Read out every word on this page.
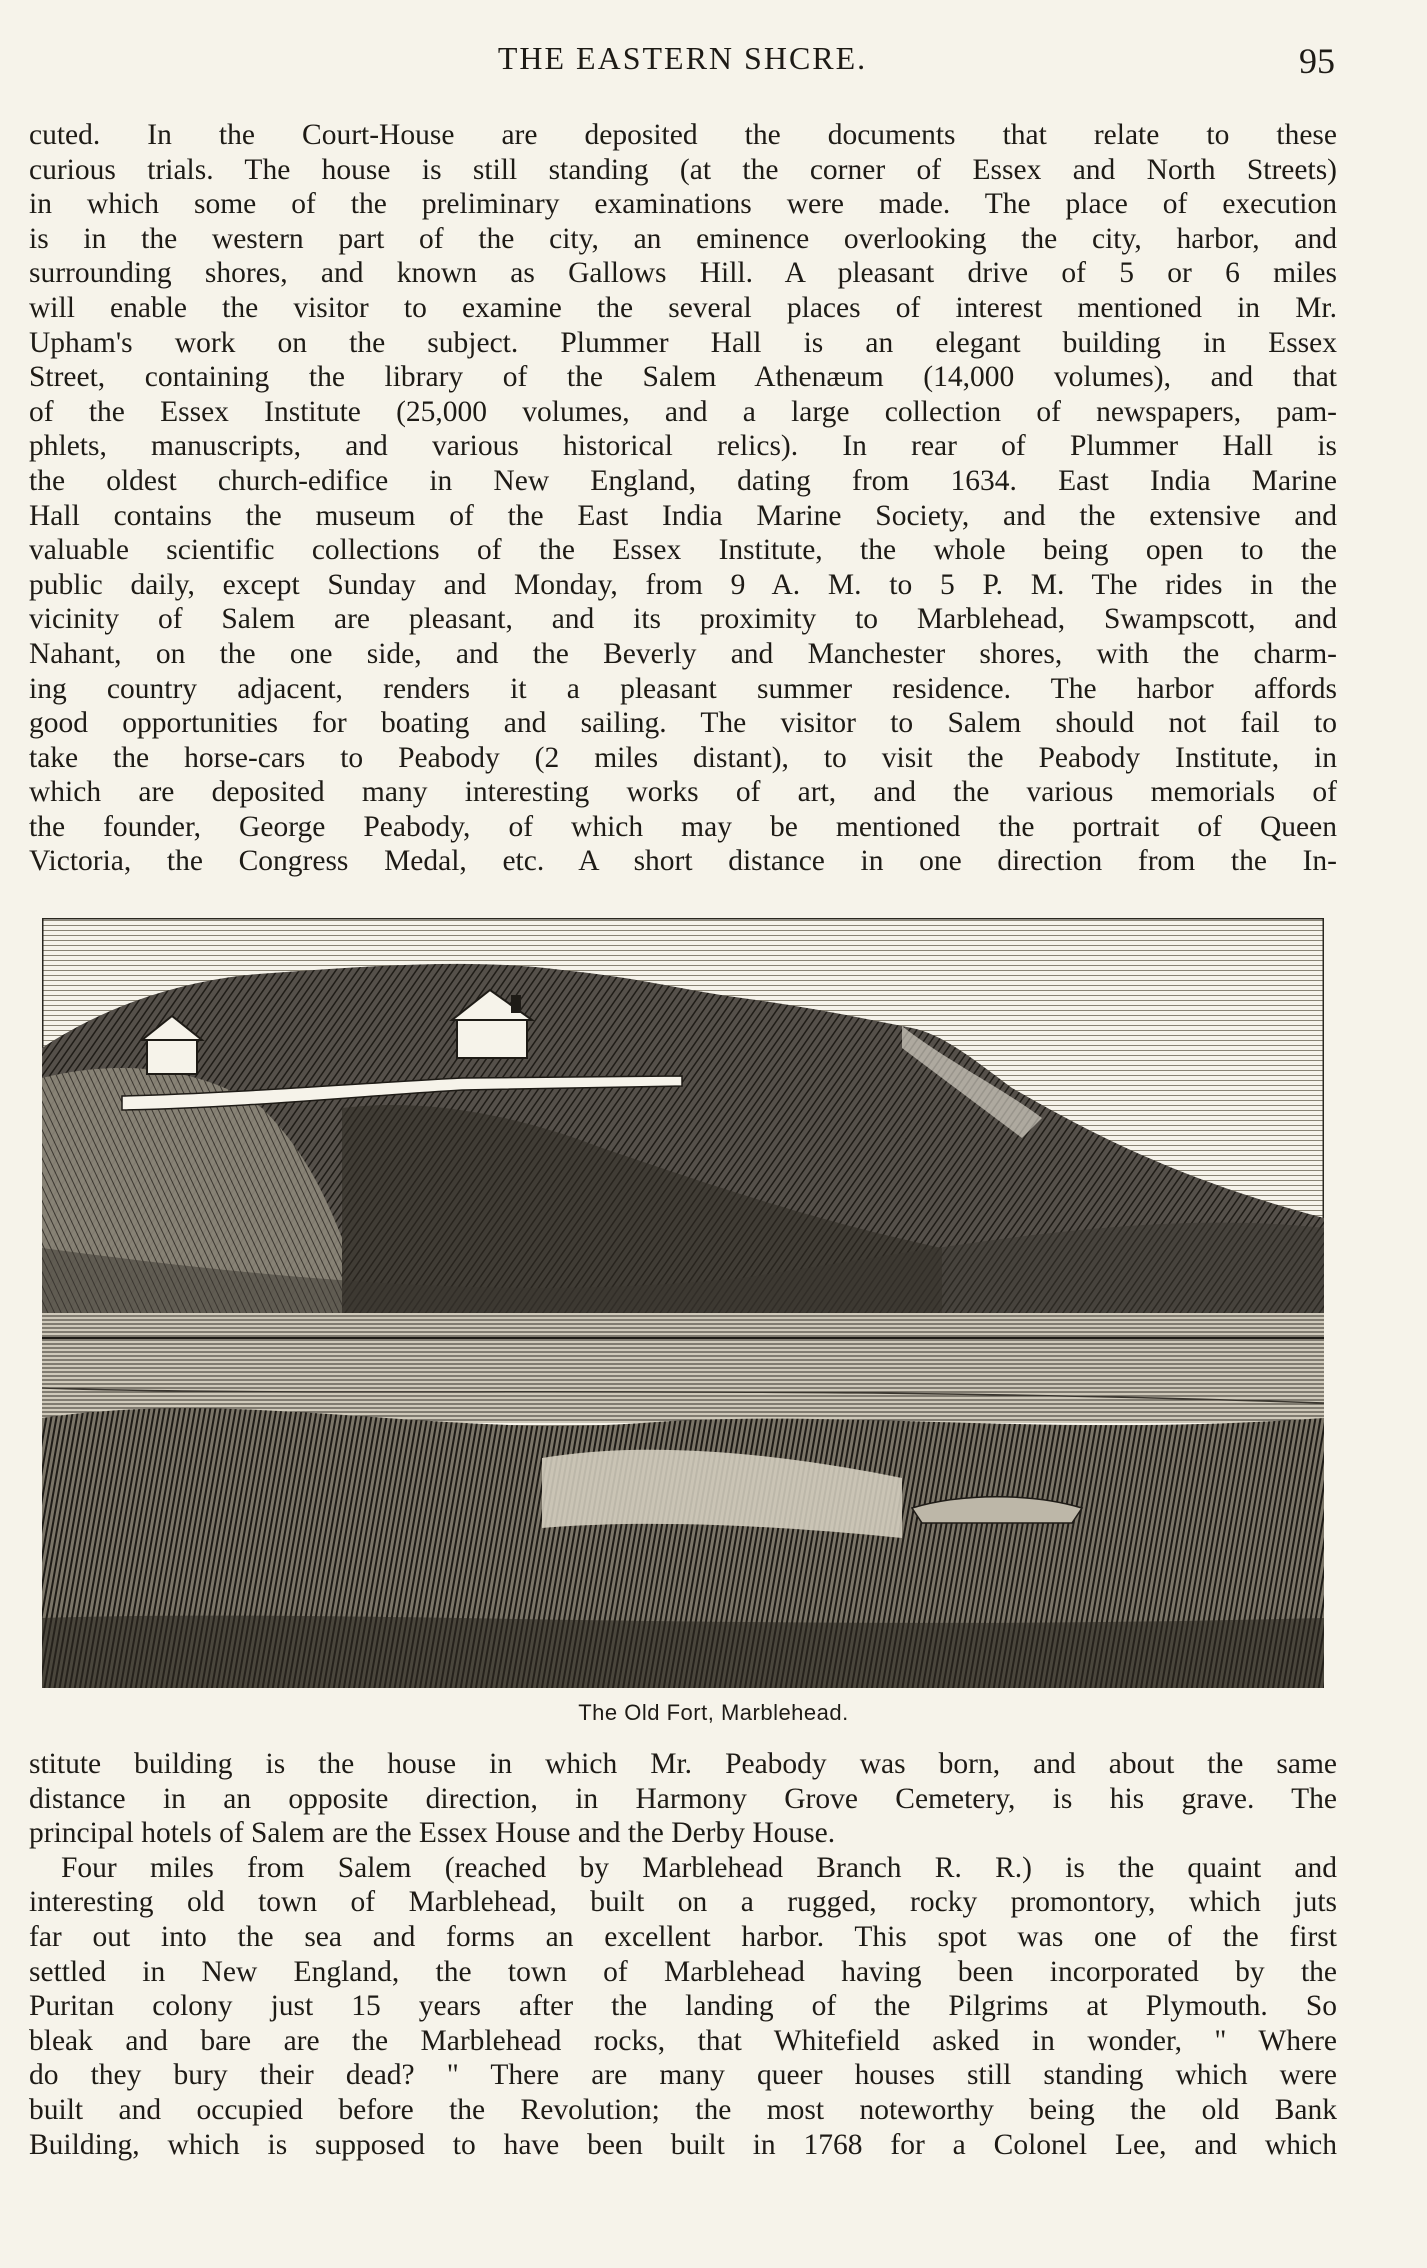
THE EASTERN SHCRE.	95
cuted. In the Court-House are deposited the documents that relate to these
curious trials. The house is still standing (at the corner of Essex and North Streets)
in which some of the preliminary examinations were made. The place of execution
is in the western part of the city, an eminence overlooking the city, harbor, and
surrounding shores, and known as Gallows Hill. A pleasant drive of 5 or 6 miles
will enable the visitor to examine the several places of interest mentioned in Mr.
Upham's work on the subject. Plummer Hall is an elegant building in Essex
Street, containing the library of the Salem Athenæum (14,000 volumes), and that
of the Essex Institute (25,000 volumes, and a large collection of newspapers, pam-
phlets, manuscripts, and various historical relics). In rear of Plummer Hall is
the oldest church-edifice in New England, dating from 1634. East India Marine
Hall contains the museum of the East India Marine Society, and the extensive and
valuable scientific collections of the Essex Institute, the whole being open to the
public daily, except Sunday and Monday, from 9 A. M. to 5 P. M. The rides in the
vicinity of Salem are pleasant, and its proximity to Marblehead, Swampscott, and
Nahant, on the one side, and the Beverly and Manchester shores, with the charm-
ing country adjacent, renders it a pleasant summer residence. The harbor affords
good opportunities for boating and sailing. The visitor to Salem should not fail to
take the horse-cars to Peabody (2 miles distant), to visit the Peabody Institute, in
which are deposited many interesting works of art, and the various memorials of
the founder, George Peabody, of which may be mentioned the portrait of Queen
Victoria, the Congress Medal, etc. A short distance in one direction from the In-
The Old Fort, Marblehead.
stitute building is the house in which Mr. Peabody was born, and about the same
distance in an opposite direction, in Harmony Grove Cemetery, is his grave. The
principal hotels of Salem are the Essex House and the Derby House.
Four miles from Salem (reached by Marblehead Branch R. R.) is the quaint and
interesting old town of Marblehead, built on a rugged, rocky promontory, which juts
far out into the sea and forms an excellent harbor. This spot was one of the first
settled in New England, the town of Marblehead having been incorporated by the
Puritan colony just 15 years after the landing of the Pilgrims at Plymouth. So
bleak and bare are the Marblehead rocks, that Whitefield asked in wonder, " Where
do they bury their dead? " There are many queer houses still standing which were
built and occupied before the Revolution; the most noteworthy being the old Bank
Building, which is supposed to have been built in 1768 for a Colonel Lee, and which
